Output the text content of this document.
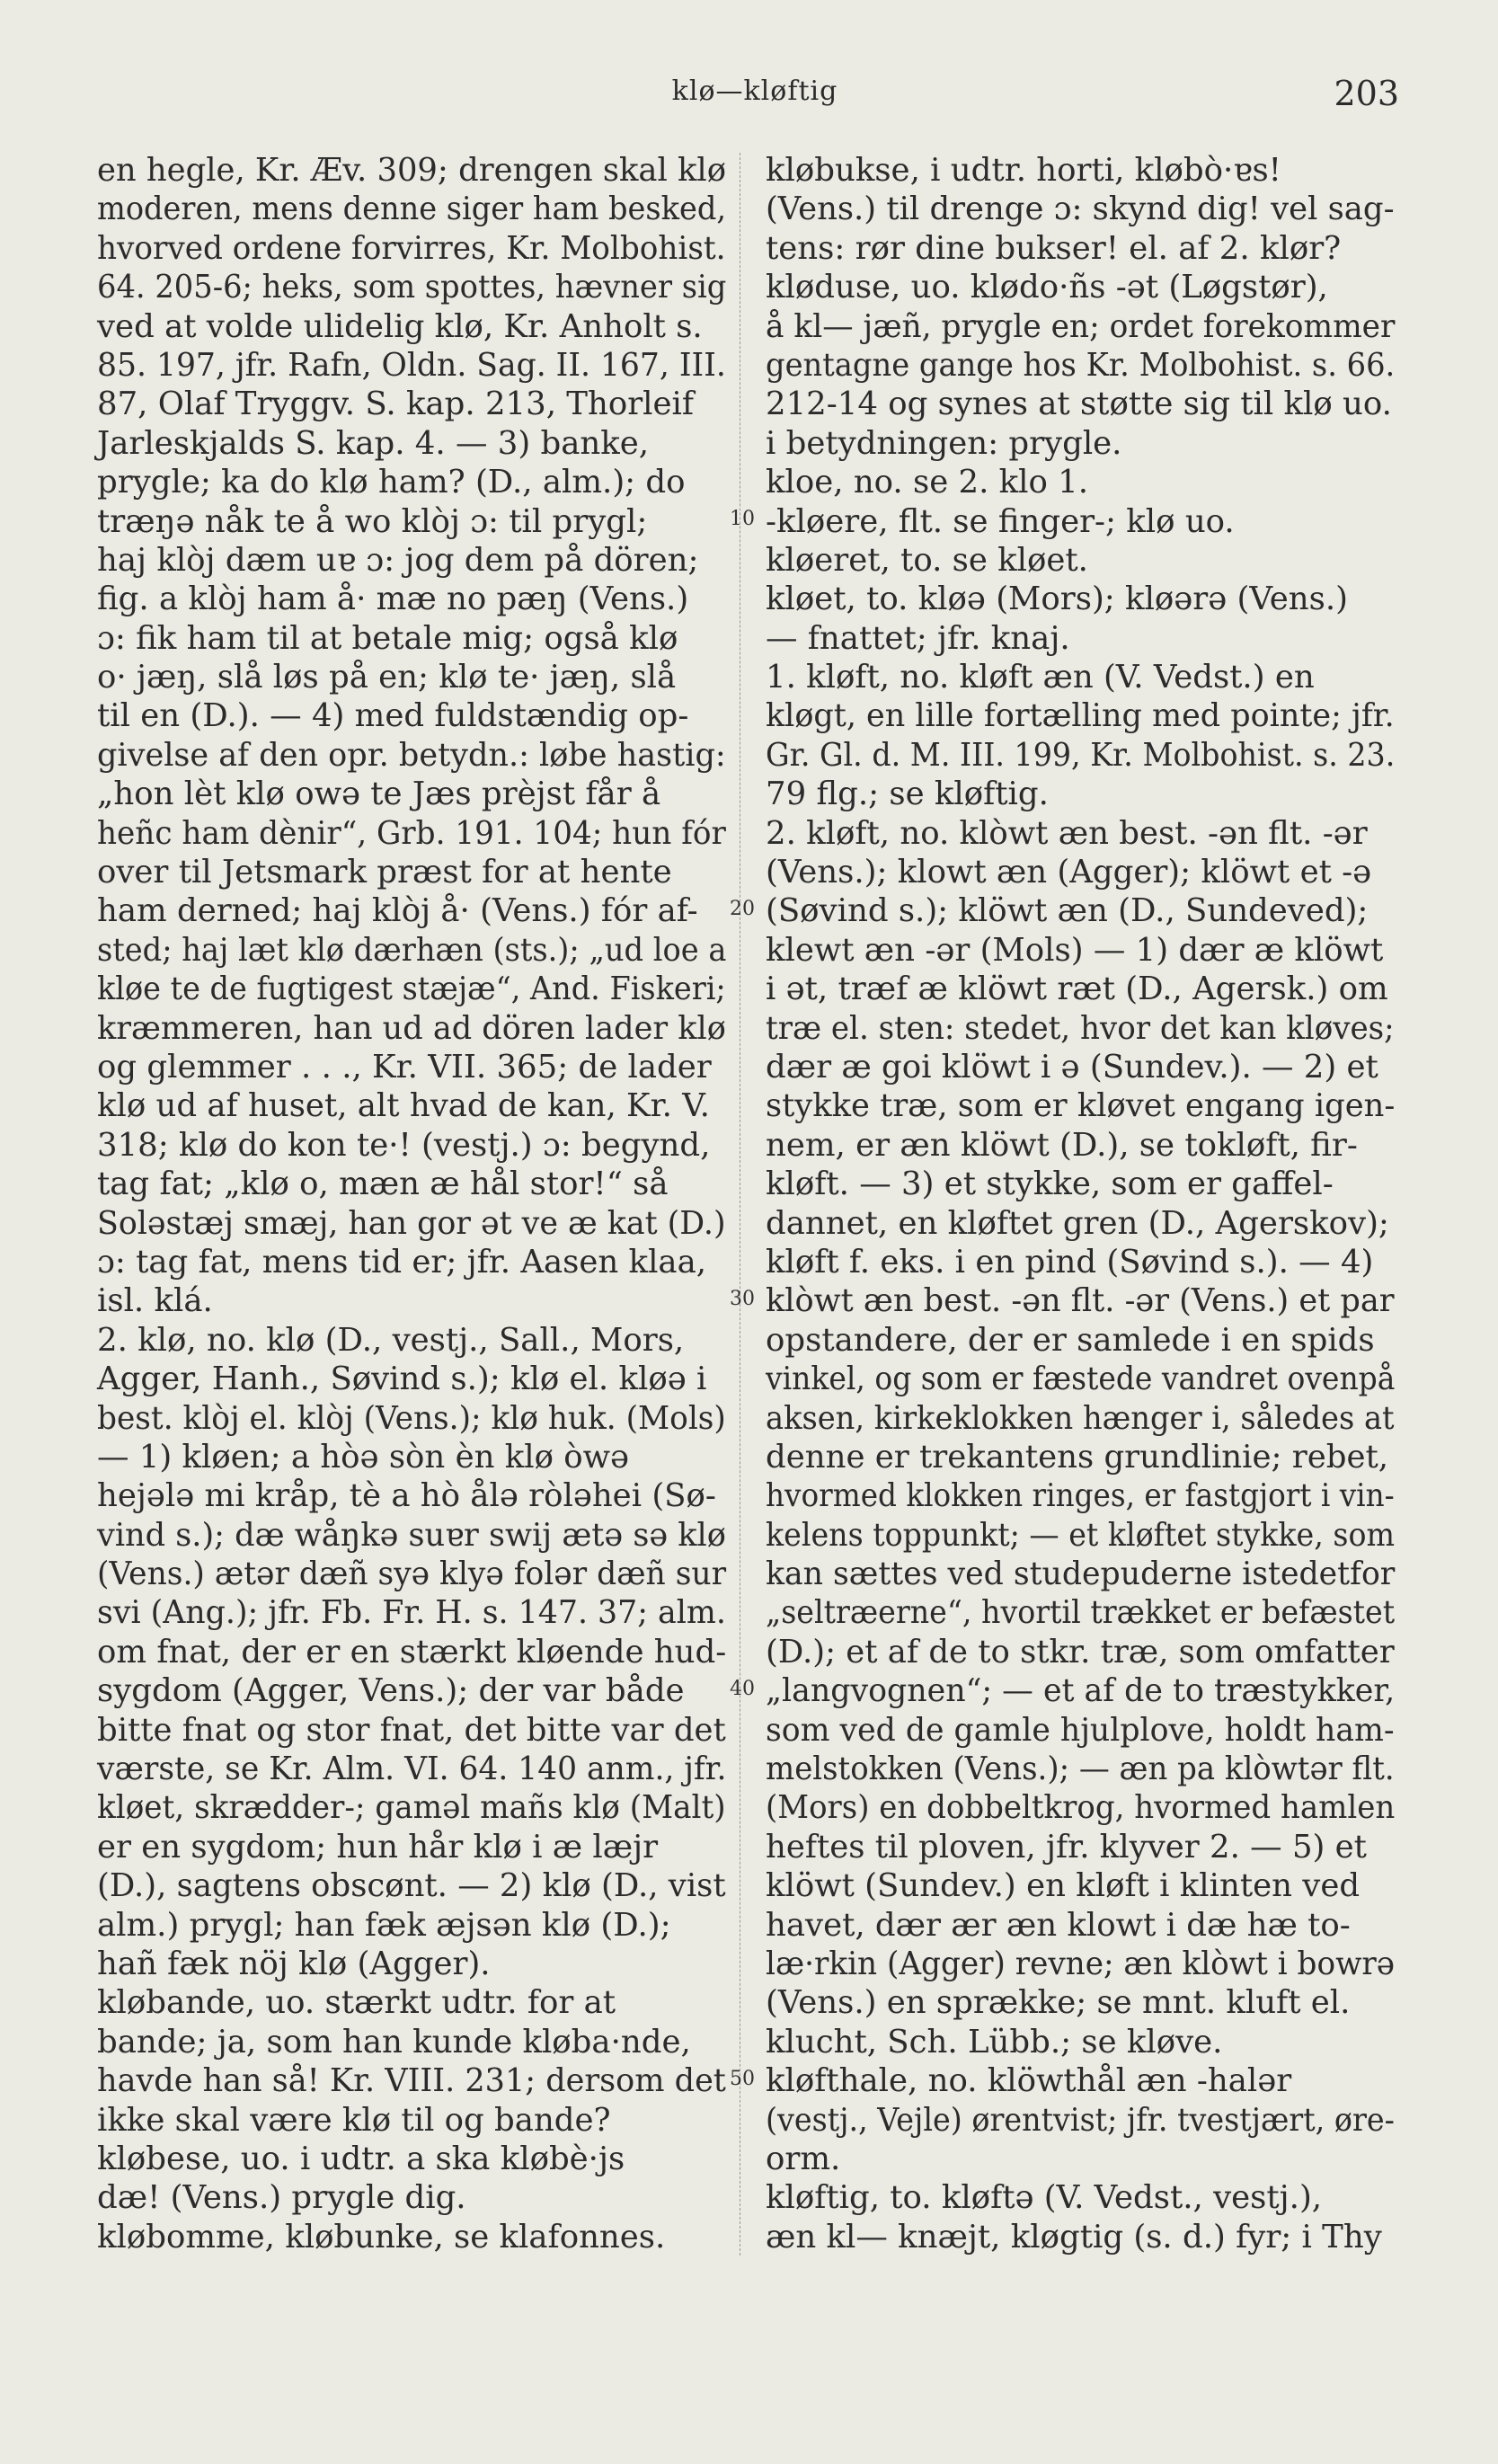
klø—kløftig	203
en hegle, Kr. Æv. 309; drengen skal klø
moderen, mens denne siger ham besked,
hvorved ordene forvirres, Kr. Molbohist.
64. 205-6; heks, som spottes, hævner sig
ved at volde ulidelig klø, Kr. Anholt s.
85. 197, jfr. Rafn, Oldn. Sag. II. 167, III.
87, Olaf Tryggv. S. kap. 213, Thorleif
Jarleskjalds S. kap. 4. — 3) banke,
prygle; ka do klø ham? (D., alm.); do
træŋə nåk te å wo klòj ɔ: til prygl;
haj klòj dæm uɐ ɔ: jog dem på dören;
fig. a klòj ham å· mæ no pæŋ (Vens.)
ɔ: fik ham til at betale mig; også klø
o· jæŋ, slå løs på en; klø te· jæŋ, slå
til en (D.). — 4) med fuldstændig op-
givelse af den opr. betydn.: løbe hastig:
„hon lèt klø owə te Jæs prèjst får å
heñc ham dènir“, Grb. 191. 104; hun fór
over til Jetsmark præst for at hente
ham derned; haj klòj å· (Vens.) fór af-
sted; haj læt klø dærhæn (sts.); „ud loe a
kløe te de fugtigest stæjæ“, And. Fiskeri;
kræmmeren, han ud ad dören lader klø
og glemmer . . ., Kr. VII. 365; de lader
klø ud af huset, alt hvad de kan, Kr. V.
318; klø do kon te·! (vestj.) ɔ: begynd,
tag fat; „klø o, mæn æ hål stor!“ så
Soləstæj smæj, han gor ət ve æ kat (D.)
ɔ: tag fat, mens tid er; jfr. Aasen klaa,
isl. klá.
2. klø, no. klø (D., vestj., Sall., Mors,
Agger, Hanh., Søvind s.); klø el. kløə i
best. klòj el. klòj (Vens.); klø huk. (Mols)
— 1) kløen; a hòə sòn èn klø òwə
hejələ mi kråp, tè a hò ålə ròləhei (Sø-
vind s.); dæ wåŋkə suɐr swij ætə sə klø
(Vens.) ætər dæñ syə klyə folər dæñ sur
svi (Ang.); jfr. Fb. Fr. H. s. 147. 37; alm.
om fnat, der er en stærkt kløende hud-
sygdom (Agger, Vens.); der var både
bitte fnat og stor fnat, det bitte var det
værste, se Kr. Alm. VI. 64. 140 anm., jfr.
kløet, skrædder-; gaməl mañs klø (Malt)
er en sygdom; hun hår klø i æ læjr
(D.), sagtens obscønt. — 2) klø (D., vist
alm.) prygl; han fæk æjsən klø (D.);
hañ fæk nöj klø (Agger).
kløbande, uo. stærkt udtr. for at
bande; ja, som han kunde kløba·nde,
havde han så! Kr. VIII. 231; dersom det
ikke skal være klø til og bande?
kløbese, uo. i udtr. a ska kløbè·js
dæ! (Vens.) prygle dig.
kløbomme, kløbunke, se klafonnes.
kløbukse, i udtr. horti, kløbò·ɐs!
(Vens.) til drenge ɔ: skynd dig! vel sag-
tens: rør dine bukser! el. af 2. klør?
kløduse, uo. klødo·ñs -ət (Løgstør),
å kl— jæñ, prygle en; ordet forekommer
gentagne gange hos Kr. Molbohist. s. 66.
212-14 og synes at støtte sig til klø uo.
i betydningen: prygle.
kloe, no. se 2. klo 1.
-kløere, flt. se finger-; klø uo.
kløeret, to. se kløet.
kløet, to. kløə (Mors); kløərə (Vens.)
— fnattet; jfr. knaj.
1. kløft, no. kløft æn (V. Vedst.) en
kløgt, en lille fortælling med pointe; jfr.
Gr. Gl. d. M. III. 199, Kr. Molbohist. s. 23.
79 flg.; se kløftig.
2. kløft, no. klòwt æn best. -ən flt. -ər
(Vens.); klowt æn (Agger); klöwt et -ə
(Søvind s.); klöwt æn (D., Sundeved);
klewt æn -ər (Mols) — 1) dær æ klöwt
i ət, træf æ klöwt ræt (D., Agersk.) om
træ el. sten: stedet, hvor det kan kløves;
dær æ goi klöwt i ə (Sundev.). — 2) et
stykke træ, som er kløvet engang igen-
nem, er æn klöwt (D.), se tokløft, fir-
kløft. — 3) et stykke, som er gaffel-
dannet, en kløftet gren (D., Agerskov);
kløft f. eks. i en pind (Søvind s.). — 4)
klòwt æn best. -ən flt. -ər (Vens.) et par
opstandere, der er samlede i en spids
vinkel, og som er fæstede vandret ovenpå
aksen, kirkeklokken hænger i, således at
denne er trekantens grundlinie; rebet,
hvormed klokken ringes, er fastgjort i vin-
kelens toppunkt; — et kløftet stykke, som
kan sættes ved studepuderne istedetfor
„seltræerne“, hvortil trækket er befæstet
(D.); et af de to stkr. træ, som omfatter
„langvognen“; — et af de to træstykker,
som ved de gamle hjulplove, holdt ham-
melstokken (Vens.); — æn pa klòwtər flt.
(Mors) en dobbeltkrog, hvormed hamlen
heftes til ploven, jfr. klyver 2. — 5) et
klöwt (Sundev.) en kløft i klinten ved
havet, dær ær æn klowt i dæ hæ to-
læ·rkin (Agger) revne; æn klòwt i bowrə
(Vens.) en sprække; se mnt. kluft el.
klucht, Sch. Lübb.; se kløve.
kløfthale, no. klöwthål æn -halər
(vestj., Vejle) ørentvist; jfr. tvestjært, øre-
orm.
kløftig, to. kløftə (V. Vedst., vestj.),
æn kl— knæjt, kløgtig (s. d.) fyr; i Thy
10
20
30
40
50
